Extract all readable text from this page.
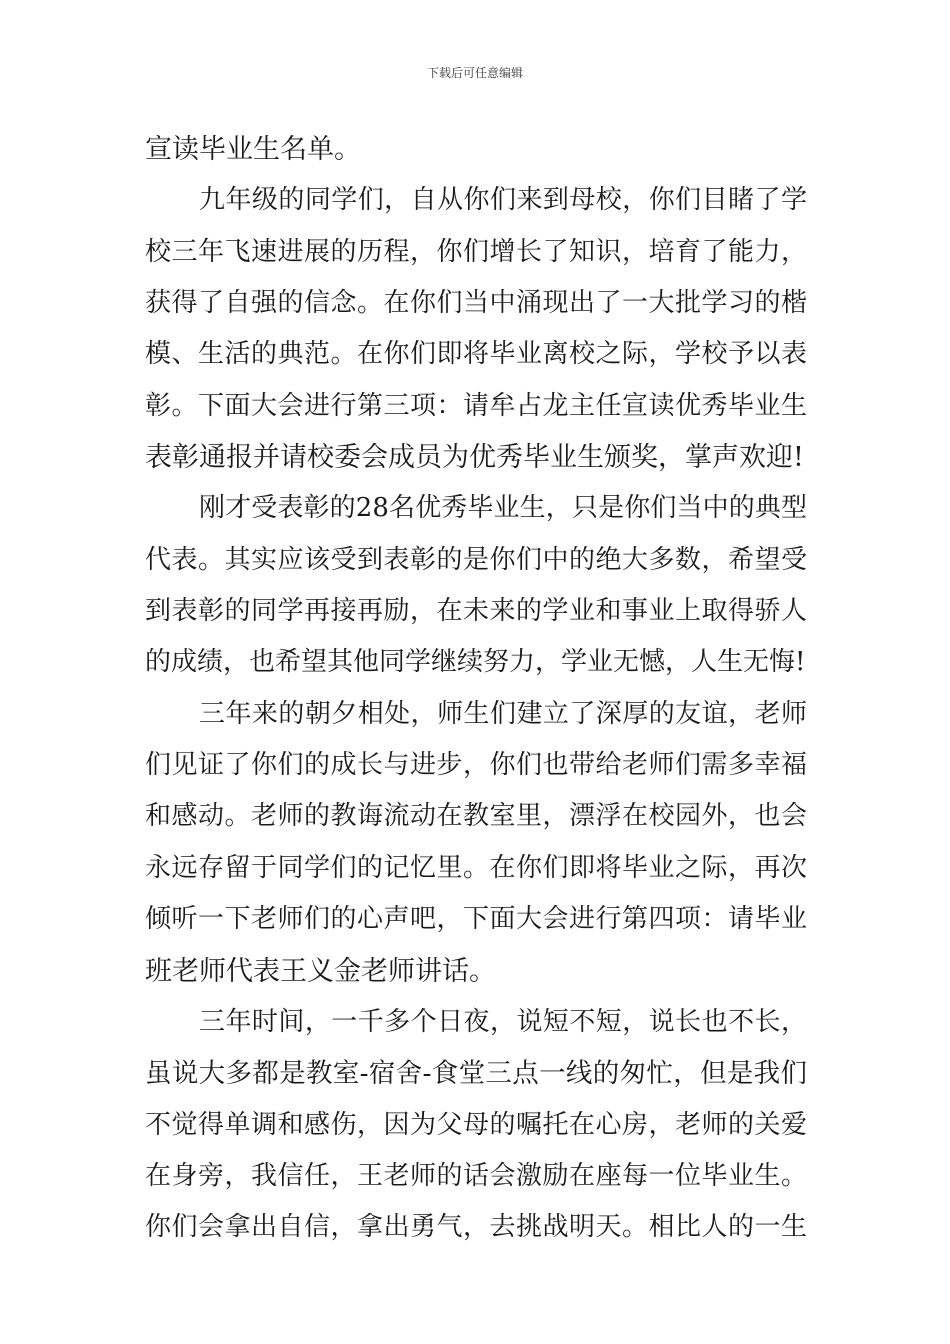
下载后可任意编辑
宣读毕业生名单。
九年级的同学们，自从你们来到母校，你们目睹了学
校三年飞速进展的历程，你们增长了知识，培育了能力，
获得了自强的信念。在你们当中涌现出了一大批学习的楷
模、生活的典范。在你们即将毕业离校之际，学校予以表
彰。下面大会进行第三项：请牟占龙主任宣读优秀毕业生
表彰通报并请校委会成员为优秀毕业生颁奖，掌声欢迎!
刚才受表彰的28名优秀毕业生，只是你们当中的典型
代表。其实应该受到表彰的是你们中的绝大多数，希望受
到表彰的同学再接再励，在未来的学业和事业上取得骄人
的成绩，也希望其他同学继续努力，学业无憾，人生无悔!
三年来的朝夕相处，师生们建立了深厚的友谊，老师
们见证了你们的成长与进步，你们也带给老师们需多幸福
和感动。老师的教诲流动在教室里，漂浮在校园外，也会
永远存留于同学们的记忆里。在你们即将毕业之际，再次
倾听一下老师们的心声吧，下面大会进行第四项：请毕业
班老师代表王义金老师讲话。
三年时间，一千多个日夜，说短不短，说长也不长，
虽说大多都是教室-宿舍-食堂三点一线的匆忙，但是我们
不觉得单调和感伤，因为父母的嘱托在心房，老师的关爱
在身旁，我信任，王老师的话会激励在座每一位毕业生。
你们会拿出自信，拿出勇气，去挑战明天。相比人的一生
